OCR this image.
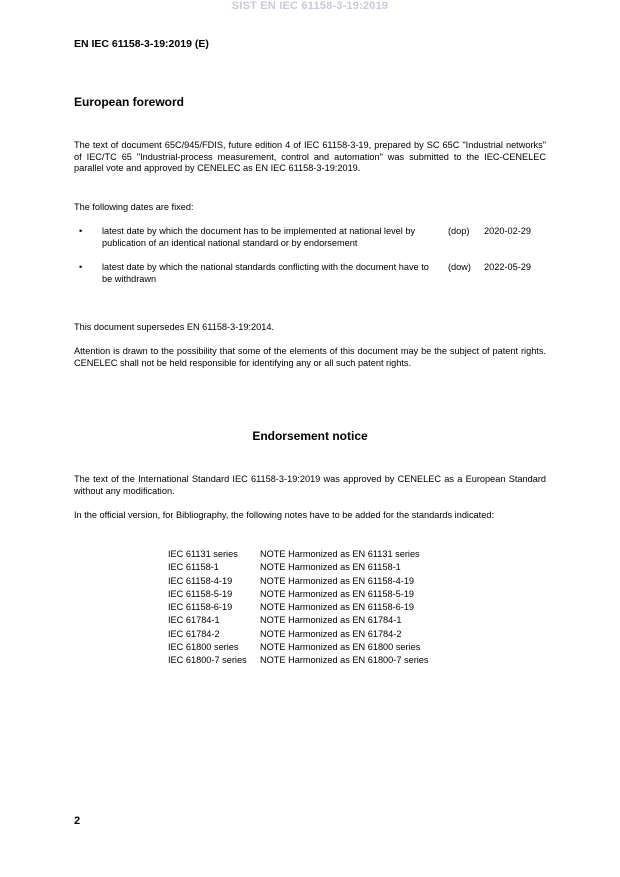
SIST EN IEC 61158-3-19:2019
EN IEC 61158-3-19:2019 (E)
European foreword
The text of document 65C/945/FDIS, future edition 4 of IEC 61158-3-19, prepared by SC 65C "Industrial networks" of IEC/TC 65 "Industrial-process measurement, control and automation" was submitted to the IEC-CENELEC parallel vote and approved by CENELEC as EN IEC 61158-3-19:2019.
The following dates are fixed:
• latest date by which the document has to be implemented at national level by publication of an identical national standard or by endorsement
(dop) 2020-02-29
• latest date by which the national standards conflicting with the document have to be withdrawn
(dow) 2022-05-29
This document supersedes EN 61158-3-19:2014.
Attention is drawn to the possibility that some of the elements of this document may be the subject of patent rights. CENELEC shall not be held responsible for identifying any or all such patent rights.
Endorsement notice
The text of the International Standard IEC 61158-3-19:2019 was approved by CENELEC as a European Standard without any modification.
In the official version, for Bibliography, the following notes have to be added for the standards indicated:
IEC 61131 series	NOTE Harmonized as EN 61131 series
IEC 61158-1	NOTE Harmonized as EN 61158-1
IEC 61158-4-19	NOTE Harmonized as EN 61158-4-19
IEC 61158-5-19	NOTE Harmonized as EN 61158-5-19
IEC 61158-6-19	NOTE Harmonized as EN 61158-6-19
IEC 61784-1	NOTE Harmonized as EN 61784-1
IEC 61784-2	NOTE Harmonized as EN 61784-2
IEC 61800 series	NOTE Harmonized as EN 61800 series
IEC 61800-7 series	NOTE Harmonized as EN 61800-7 series
2
